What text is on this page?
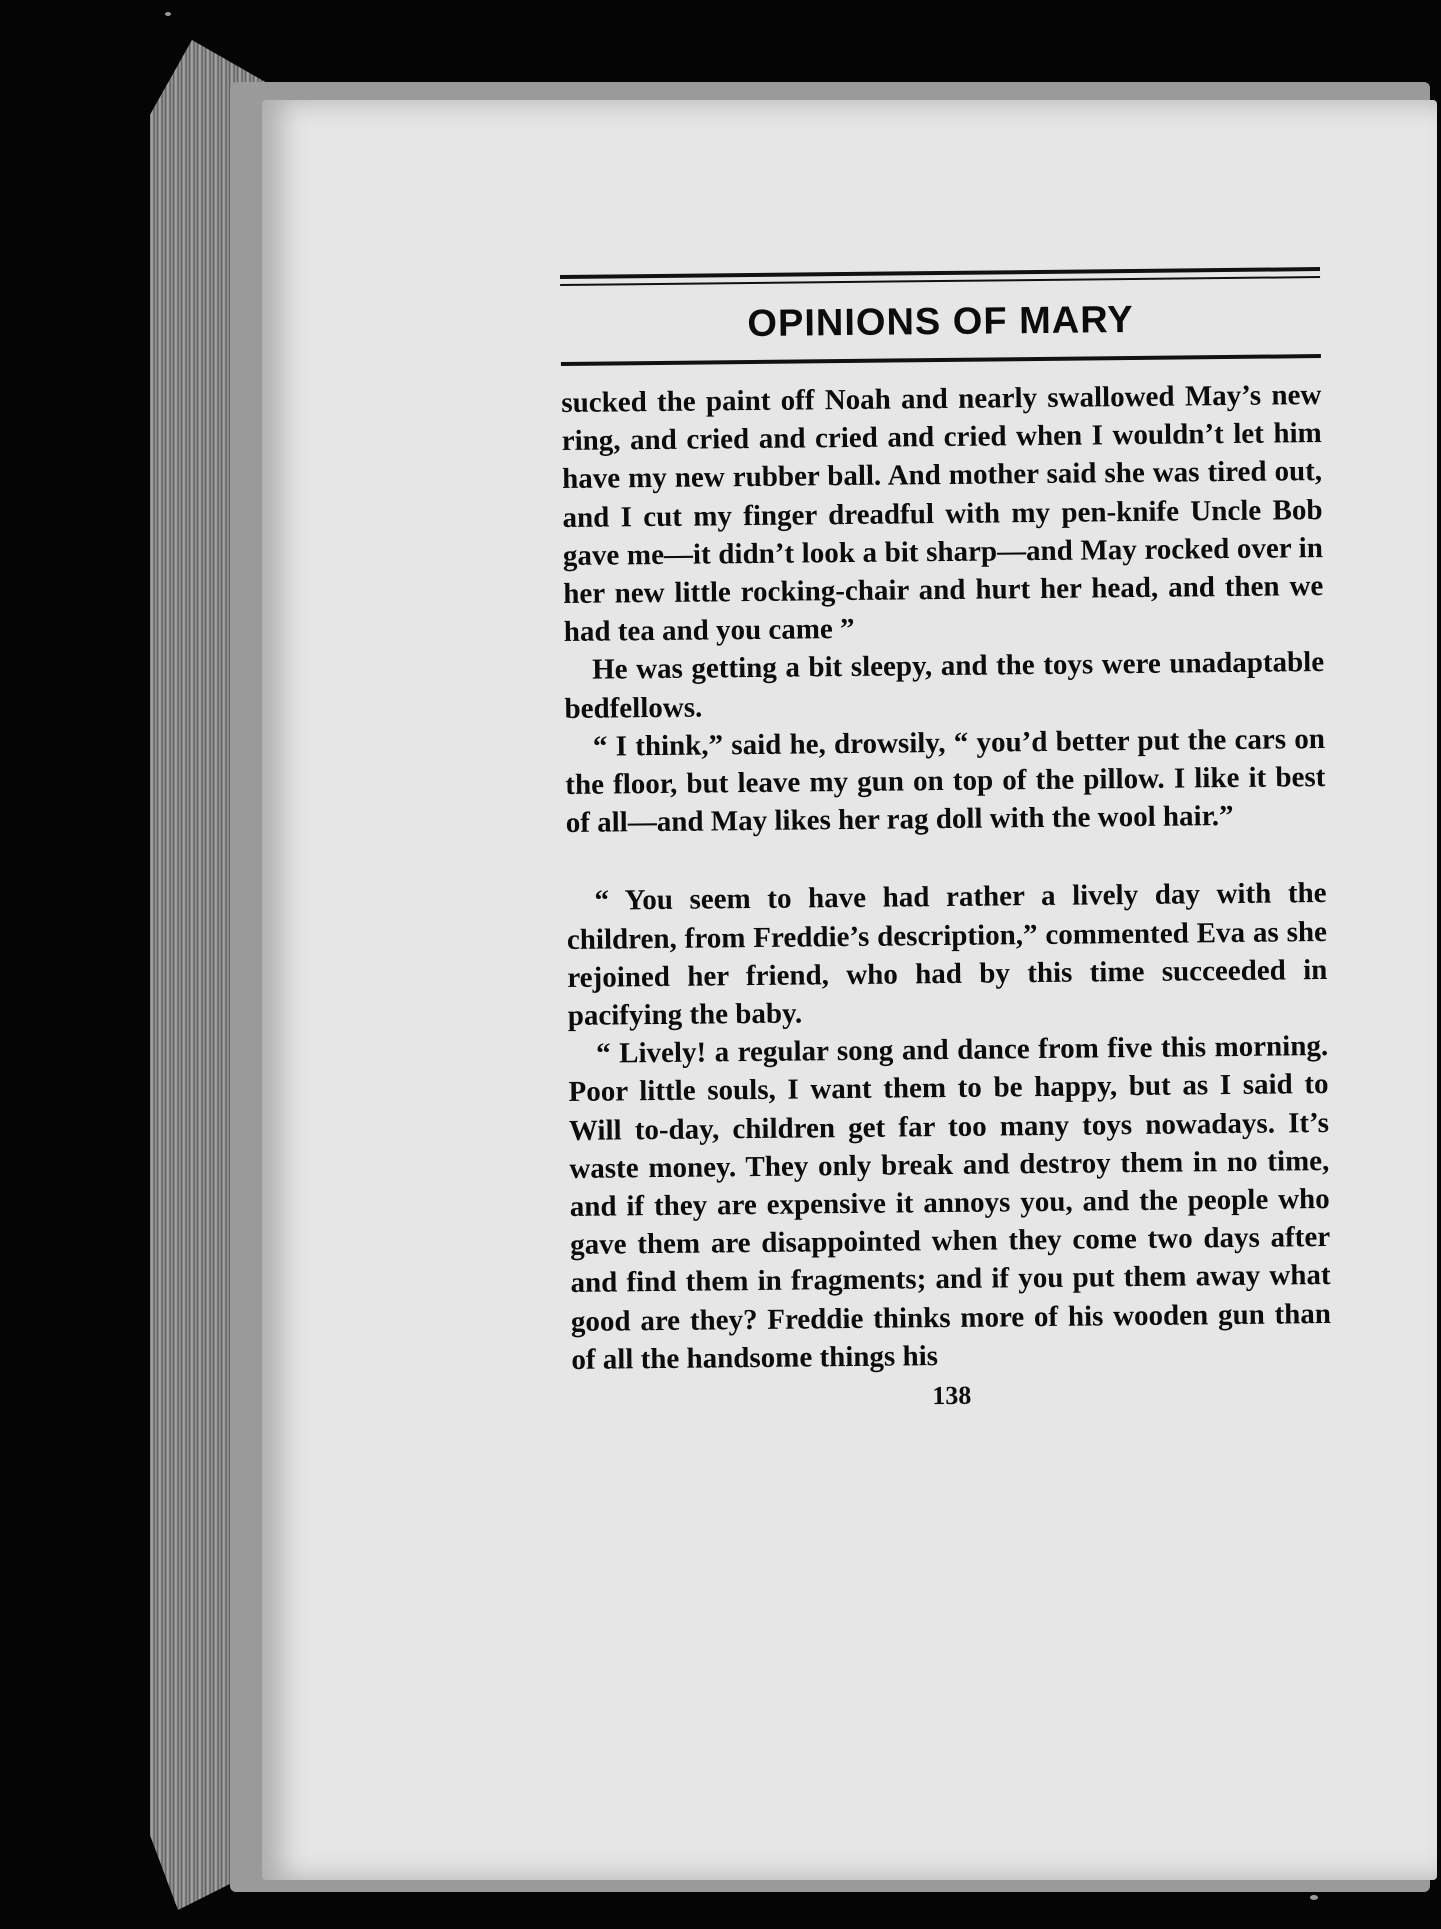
OPINIONS OF MARY

sucked the paint off Noah and nearly swallowed May’s new ring, and cried and cried and cried when I wouldn’t let him have my new rubber ball. And mother said she was tired out, and I cut my finger dreadful with my pen-knife Uncle Bob gave me—it didn’t look a bit sharp—and May rocked over in her new little rocking-chair and hurt her head, and then we had tea and you came ”

He was getting a bit sleepy, and the toys were unadaptable bedfellows.

“ I think,” said he, drowsily, “ you’d better put the cars on the floor, but leave my gun on top of the pillow. I like it best of all—and May likes her rag doll with the wool hair.”

“ You seem to have had rather a lively day with the children, from Freddie’s description,” commented Eva as she rejoined her friend, who had by this time succeeded in pacifying the baby.

“ Lively! a regular song and dance from five this morning. Poor little souls, I want them to be happy, but as I said to Will to-day, children get far too many toys nowadays. It’s waste money. They only break and destroy them in no time, and if they are expensive it annoys you, and the people who gave them are disappointed when they come two days after and find them in fragments; and if you put them away what good are they? Freddie thinks more of his wooden gun than of all the handsome things his

138
